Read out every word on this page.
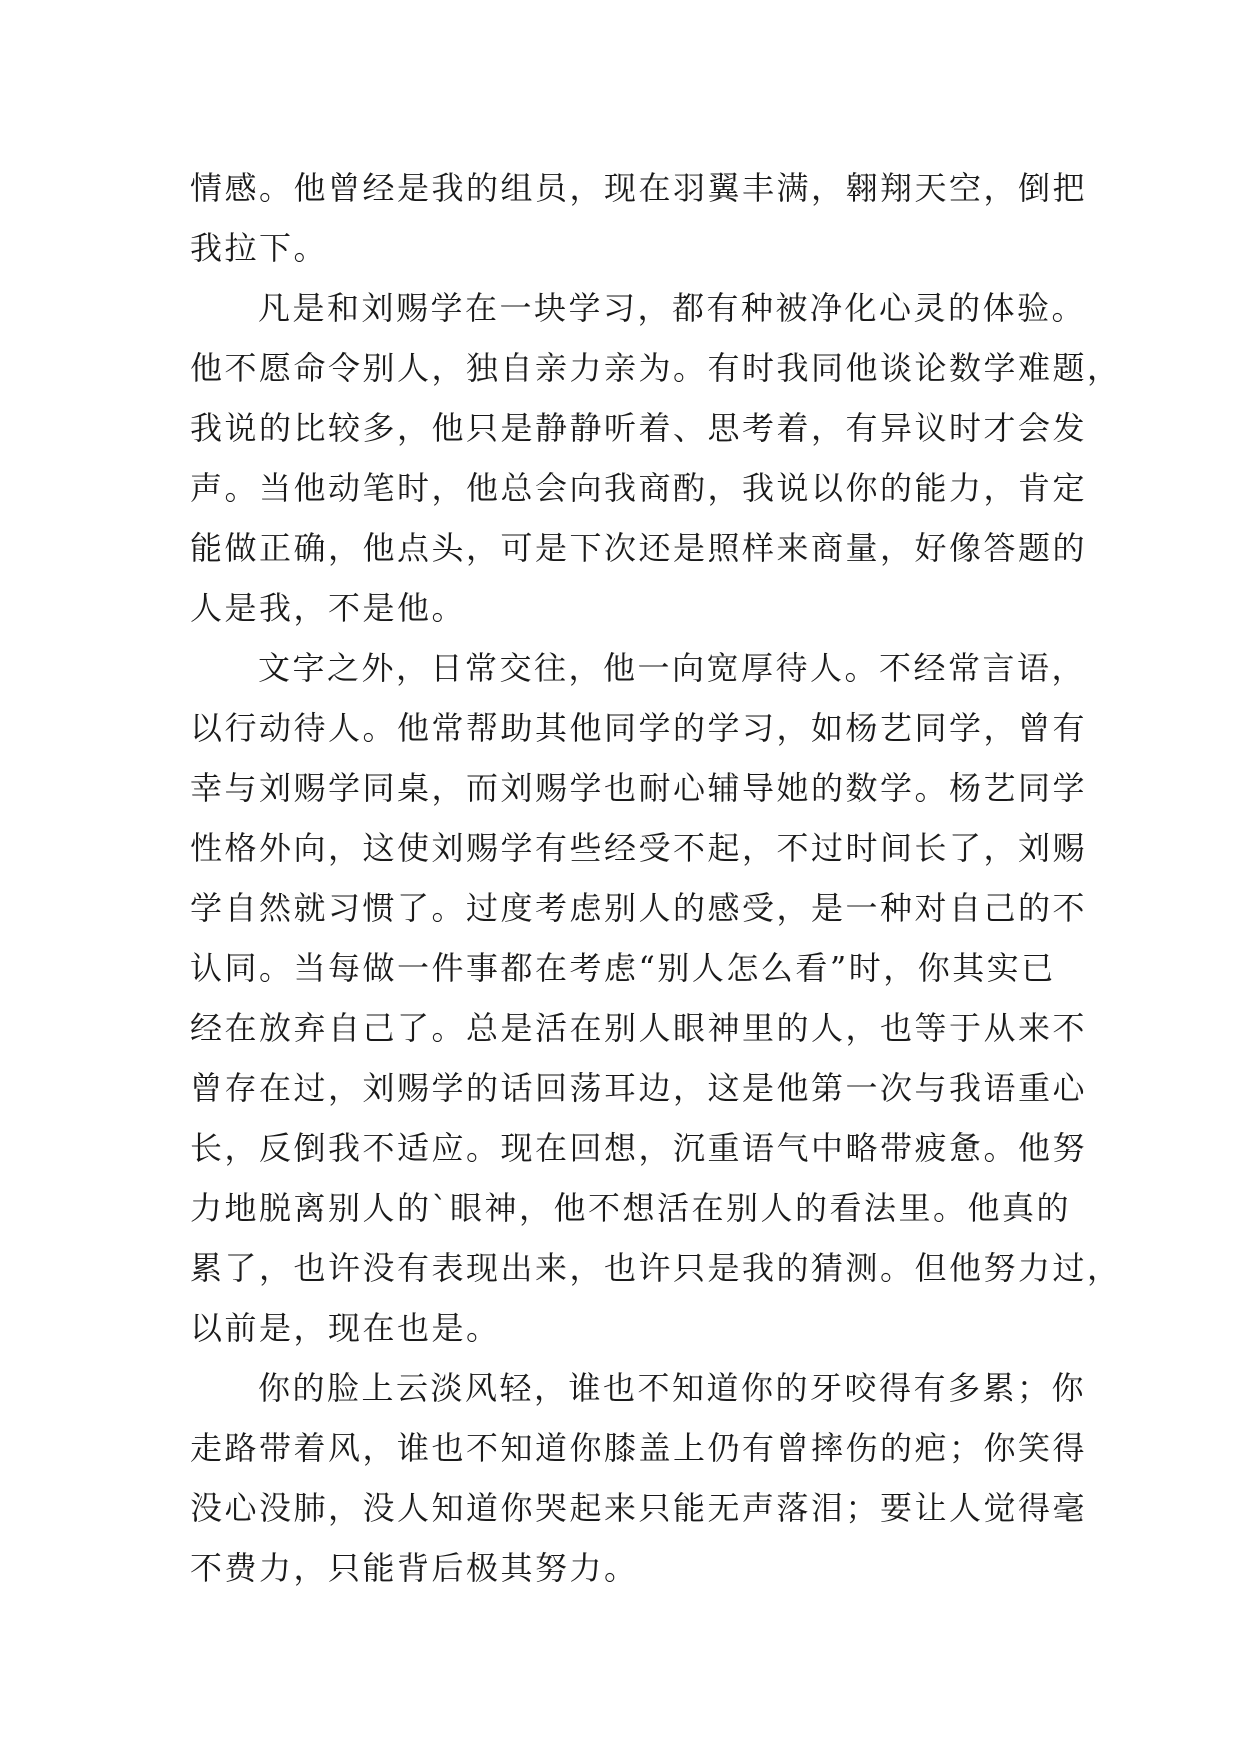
情感。他曾经是我的组员，现在羽翼丰满，翱翔天空，倒把
我拉下。
凡是和刘赐学在一块学习，都有种被净化心灵的体验。
他不愿命令别人，独自亲力亲为。有时我同他谈论数学难题，
我说的比较多，他只是静静听着、思考着，有异议时才会发
声。当他动笔时，他总会向我商酌，我说以你的能力，肯定
能做正确，他点头，可是下次还是照样来商量，好像答题的
人是我，不是他。
文字之外，日常交往，他一向宽厚待人。不经常言语，
以行动待人。他常帮助其他同学的学习，如杨艺同学，曾有
幸与刘赐学同桌，而刘赐学也耐心辅导她的数学。杨艺同学
性格外向，这使刘赐学有些经受不起，不过时间长了，刘赐
学自然就习惯了。过度考虑别人的感受，是一种对自己的不
认同。当每做一件事都在考虑“别人怎么看”时，你其实已
经在放弃自己了。总是活在别人眼神里的人，也等于从来不
曾存在过，刘赐学的话回荡耳边，这是他第一次与我语重心
长，反倒我不适应。现在回想，沉重语气中略带疲惫。他努
力地脱离别人的`眼神，他不想活在别人的看法里。他真的
累了，也许没有表现出来，也许只是我的猜测。但他努力过，
以前是，现在也是。
你的脸上云淡风轻，谁也不知道你的牙咬得有多累；你
走路带着风，谁也不知道你膝盖上仍有曾摔伤的疤；你笑得
没心没肺，没人知道你哭起来只能无声落泪；要让人觉得毫
不费力，只能背后极其努力。
